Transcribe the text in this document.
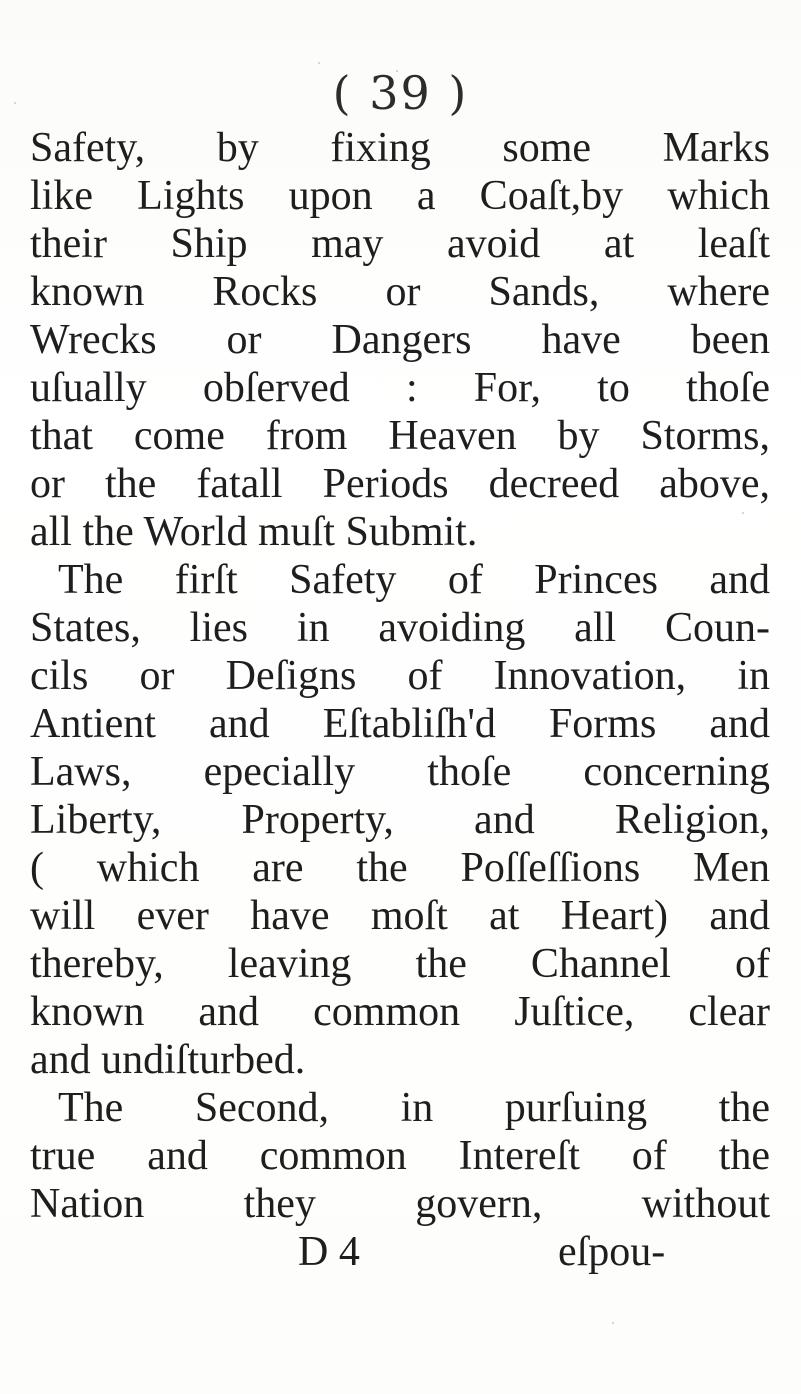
( 39 )
Safety, by fixing some Marks
like Lights upon a Coaſt,by which
their Ship may avoid at leaſt
known Rocks or Sands, where
Wrecks or Dangers have been
uſually obſerved : For, to thoſe
that come from Heaven by Storms,
or the fatall Periods decreed above,
all the World muſt Submit.
The firſt Safety of Princes and
States, lies in avoiding all Coun-
cils or Deſigns of Innovation, in
Antient and Eſtabliſh'd Forms and
Laws, epecially thoſe concerning
Liberty, Property, and Religion,
( which are the Poſſeſſions Men
will ever have moſt at Heart) and
thereby, leaving the Channel of
known and common Juſtice, clear
and undiſturbed.
The Second, in purſuing the
true and common Intereſt of the
Nation they govern, without
D 4	eſpou-
